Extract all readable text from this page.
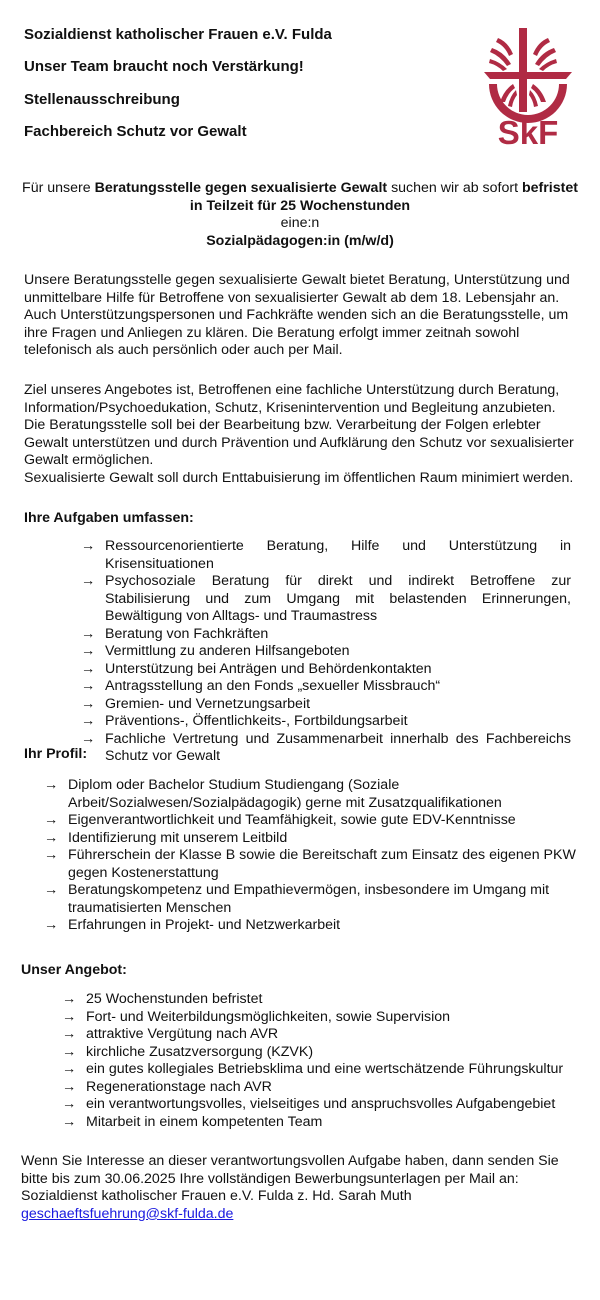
Sozialdienst katholischer Frauen e.V. Fulda
Unser Team braucht noch Verstärkung!
Stellenausschreibung
Fachbereich Schutz vor Gewalt	SkF
Für unsere Beratungsstelle gegen sexualisierte Gewalt suchen wir ab sofort befristet in Teilzeit für 25 Wochenstunden
eine:n
Sozialpädagogen:in (m/w/d)
Unsere Beratungsstelle gegen sexualisierte Gewalt bietet Beratung, Unterstützung und unmittelbare Hilfe für Betroffene von sexualisierter Gewalt ab dem 18. Lebensjahr an. Auch Unterstützungspersonen und Fachkräfte wenden sich an die Beratungsstelle, um ihre Fragen und Anliegen zu klären. Die Beratung erfolgt immer zeitnah sowohl telefonisch als auch persönlich oder auch per Mail.
Ziel unseres Angebotes ist, Betroffenen eine fachliche Unterstützung durch Beratung, Information/Psychoedukation, Schutz, Krisenintervention und Begleitung anzubieten. Die Beratungsstelle soll bei der Bearbeitung bzw. Verarbeitung der Folgen erlebter Gewalt unterstützen und durch Prävention und Aufklärung den Schutz vor sexualisierter Gewalt ermöglichen.
Sexualisierte Gewalt soll durch Enttabuisierung im öffentlichen Raum minimiert werden.
Ihre Aufgaben umfassen:
→ Ressourcenorientierte Beratung, Hilfe und Unterstützung in Krisensituationen
→ Psychosoziale Beratung für direkt und indirekt Betroffene zur Stabilisierung und zum Umgang mit belastenden Erinnerungen, Bewältigung von Alltags- und Traumastress
→ Beratung von Fachkräften
→ Vermittlung zu anderen Hilfsangeboten
→ Unterstützung bei Anträgen und Behördenkontakten
→ Antragsstellung an den Fonds „sexueller Missbrauch“
→ Gremien- und Vernetzungsarbeit
→ Präventions-, Öffentlichkeits-, Fortbildungsarbeit
→ Fachliche Vertretung und Zusammenarbeit innerhalb des Fachbereichs Schutz vor Gewalt
Ihr Profil:
→ Diplom oder Bachelor Studium Studiengang (Soziale Arbeit/Sozialwesen/Sozialpädagogik) gerne mit Zusatzqualifikationen
→ Eigenverantwortlichkeit und Teamfähigkeit, sowie gute EDV-Kenntnisse
→ Identifizierung mit unserem Leitbild
→ Führerschein der Klasse B sowie die Bereitschaft zum Einsatz des eigenen PKW gegen Kostenerstattung
→ Beratungskompetenz und Empathievermögen, insbesondere im Umgang mit traumatisierten Menschen
→ Erfahrungen in Projekt- und Netzwerkarbeit
Unser Angebot:
→ 25 Wochenstunden befristet
→ Fort- und Weiterbildungsmöglichkeiten, sowie Supervision
→ attraktive Vergütung nach AVR
→ kirchliche Zusatzversorgung (KZVK)
→ ein gutes kollegiales Betriebsklima und eine wertschätzende Führungskultur
→ Regenerationstage nach AVR
→ ein verantwortungsvolles, vielseitiges und anspruchsvolles Aufgabengebiet
→ Mitarbeit in einem kompetenten Team
Wenn Sie Interesse an dieser verantwortungsvollen Aufgabe haben, dann senden Sie bitte bis zum 30.06.2025 Ihre vollständigen Bewerbungsunterlagen per Mail an:
Sozialdienst katholischer Frauen e.V. Fulda z. Hd. Sarah Muth
geschaeftsfuehrung@skf-fulda.de
